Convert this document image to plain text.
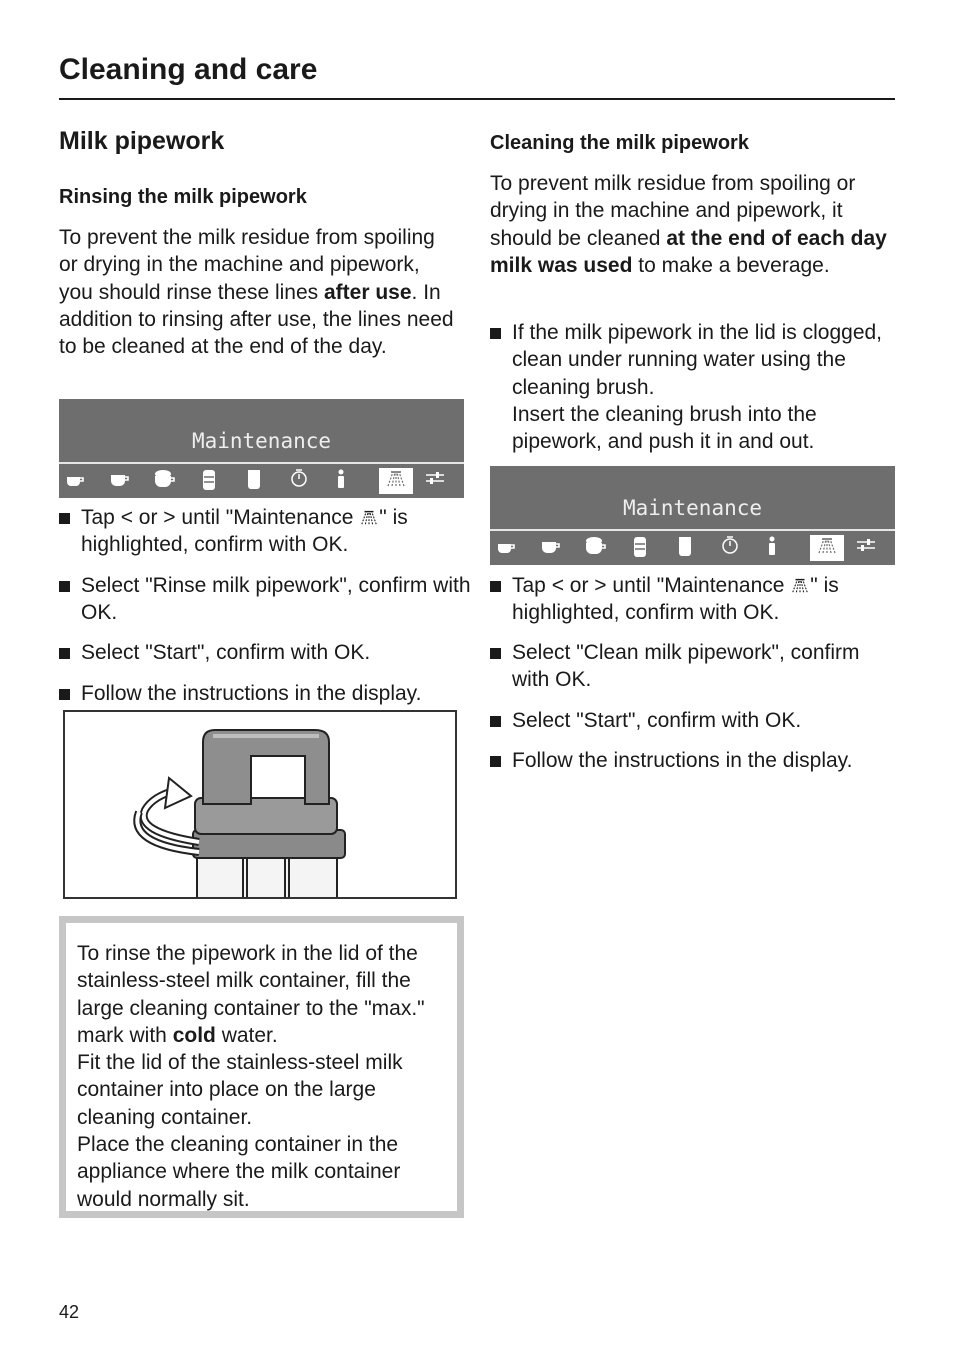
Cleaning and care
Milk pipework
Rinsing the milk pipework

To prevent the milk residue from spoiling or drying in the machine and pipework, you should rinse these lines after use. In addition to rinsing after use, the lines need to be cleaned at the end of the day.

Maintenance
Tap < or > until "Maintenance " is highlighted, confirm with OK.
Select "Rinse milk pipework", confirm with OK.
Select "Start", confirm with OK.
Follow the instructions in the display.
To rinse the pipework in the lid of the stainless-steel milk container, fill the large cleaning container to the "max." mark with cold water.
Fit the lid of the stainless-steel milk container into place on the large cleaning container.
Place the cleaning container in the appliance where the milk container would normally sit.
Cleaning the milk pipework

To prevent milk residue from spoiling or drying in the machine and pipework, it should be cleaned at the end of each day milk was used to make a beverage.

If the milk pipework in the lid is clogged, clean under running water using the cleaning brush.
Insert the cleaning brush into the pipework, and push it in and out.
Maintenance
Tap < or > until "Maintenance " is highlighted, confirm with OK.
Select "Clean milk pipework", confirm with OK.
Select "Start", confirm with OK.
Follow the instructions in the display.
42
